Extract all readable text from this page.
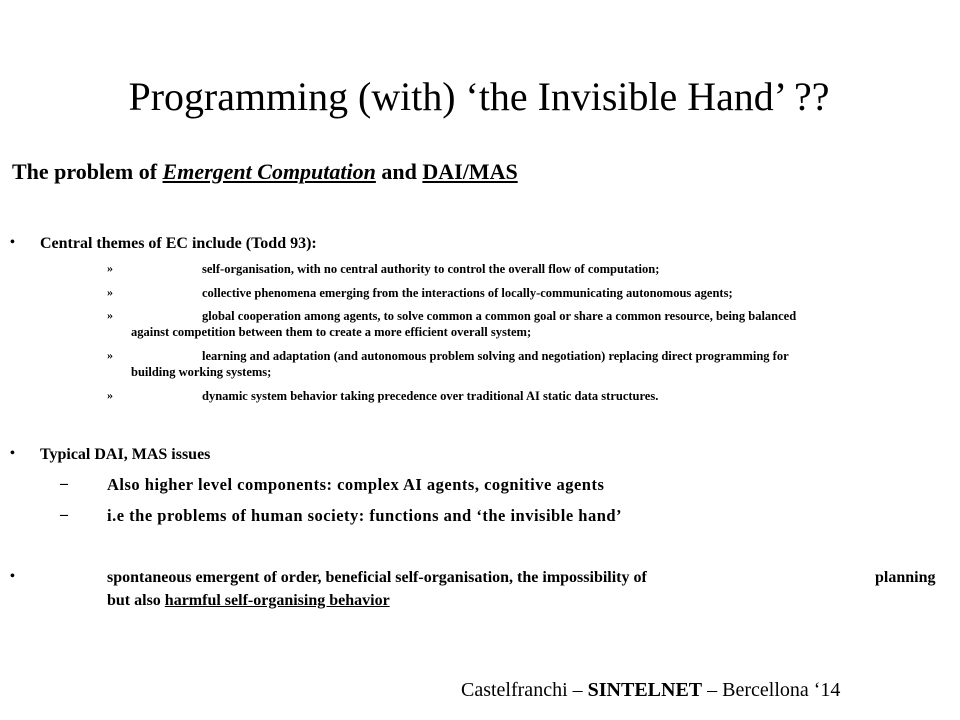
Programming (with) ‘the Invisible Hand’ ??
The problem of Emergent Computation and DAI/MAS
• Central themes of EC include (Todd 93):
»	self-organisation, with no central authority to control the overall flow of computation;
»	collective phenomena emerging from the interactions of locally-communicating autonomous agents;
»	global cooperation among agents, to solve common a common goal or share a common resource, being balanced
against competition between them to create a more efficient overall system;
»	learning and adaptation (and autonomous problem solving and negotiation) replacing direct programming for
building working systems;
»	dynamic system behavior taking precedence over traditional AI static data structures.
• Typical DAI, MAS issues
– Also higher level components: complex AI agents, cognitive agents
– i.e the problems of human society: functions and ‘the invisible hand’
•	spontaneous emergent of order, beneficial self-organisation, the impossibility of	planning
but also harmful self-organising behavior
Castelfranchi – SINTELNET – Bercellona ‘14
